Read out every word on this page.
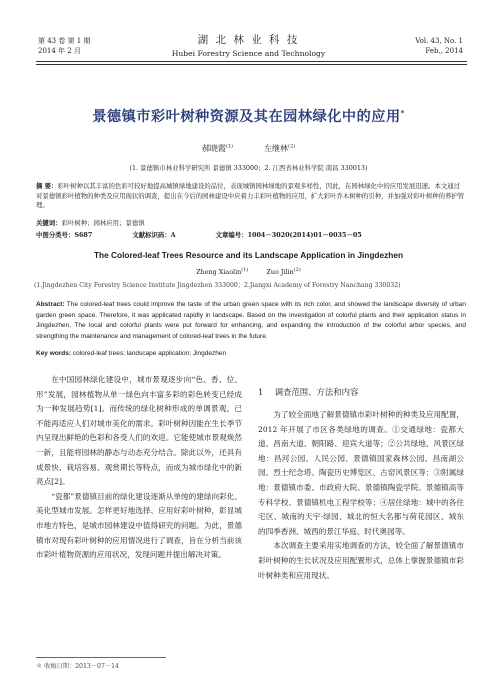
第 43 卷 第 1 期
2014 年 2 月
湖 北 林 业 科 技
Hubei Forestry Science and Technology
Vol. 43, No. 1
Feb., 2014
景德镇市彩叶树种资源及其在园林绿化中的应用*
郝晓霞$^{(1)}$	左继林$^{(2)}$
(1. 景德镇市林业科学研究所 景德镇 333000；2. 江西省林业科学院 南昌 330013)
摘 要：彩叶树种以其丰富的色彩可较好地提高城镇绿地建设的品位，表现城镇园林绿地的景观多样性，因此，在园林绿化中的应用发展迅速。本文通过对景德镇彩叶植物的种类及应用现状的调查，提出在今后的园林建设中应着力丰彩叶植物的应用，扩大彩叶乔木树种的引种，并加强对彩叶树种的养护管理。
关键词：彩叶树种；园林应用；景德镇
中图分类号：S687	文献标识码：A	文章编号：1004－3020(2014)01－0035－05
The Colored-leaf Trees Resource and its Landscape Application in Jingdezhen
Zheng Xiaolin$^{(1)}$	Zuo Jilin$^{(2)}$
(1.Jingdezhen City Forestry Science Institute Jingdezhen 333000；2.Jiangxi Academy of Forestry Nanchang 330032)
Abstract: The colored-leaf trees could improve the taste of the urban green space with its rich color, and showed the landscape diversity of urban garden green space. Therefore, it was applicated rapidly in landscape. Based on the investigation of colorful plants and their application status in Jingdezhen, The local and colorful plants were put forward for enhancing, and expanding the introduction of the colorful arbor species, and strengthing the maintenance and management of colored-leaf trees in the future.
Key words: colored-leaf trees; landscape application; Jingdezhen

在中国园林绿化建设中，城市景观逐步向“色、香、位、形”发展，园林植物从单一绿色向丰富多彩的彩色转变已经成为一种发展趋势[1]。而传统的绿化树种形成的单调景观，已不能再适应人们对城市美化的需求。彩叶树种因能在生长季节内呈现出鲜艳的色彩和各受人们的欢迎。它能使城市景观焕然一新，且能将园林的静态与动态充分结合。除此以外，还具有成景快、栽培容易、观赏期长等特点，而成为城市绿化中的新亮点[2]。

“瓷都”景德镇目前的绿化建设逐渐从单纯的建绿向彩化、美化型城市发展。怎样更好地选择、应用好彩叶树种，彰显城市地方特色，是城市园林建设中值得研究的问题。为此，景德镇市对现有彩叶树种的应用情况进行了调查，旨在分析当前该市彩叶植物资源的应用状况，发现问题并提出解决对策。

1 调查范围、方法和内容

为了较全面地了解景德镇市彩叶树种的种类及应用配置，2012 年开展了市区各类绿地的调查。①交通绿地：瓷都大道、昌南大道、朝阳路、迎宾大道等；②公共绿地、风景区绿地：昌河公园、人民公园、景德镇国家森林公园、昌南湖公园、烈士纪念塔、陶瓷历史博览区、古窑风景区等；③附属绿地：景德镇市委、市政府大院、景德镇陶瓷学院、景德镇高等专科学校、景德镇机电工程学校等；④居住绿地：城中的各住宅区、城南的天宇·绿园、城北的恒大名都与荷花园区、城东的四季香洲、城西的景江华庭、时代奥园等。

本次调查主要采用实地调查的方法，较全面了解景德镇市彩叶树种的生长状况及应用配置形式，总体上掌握景德镇市彩叶树种类和应用现状。

＊ 收稿日期：2013－07－14
